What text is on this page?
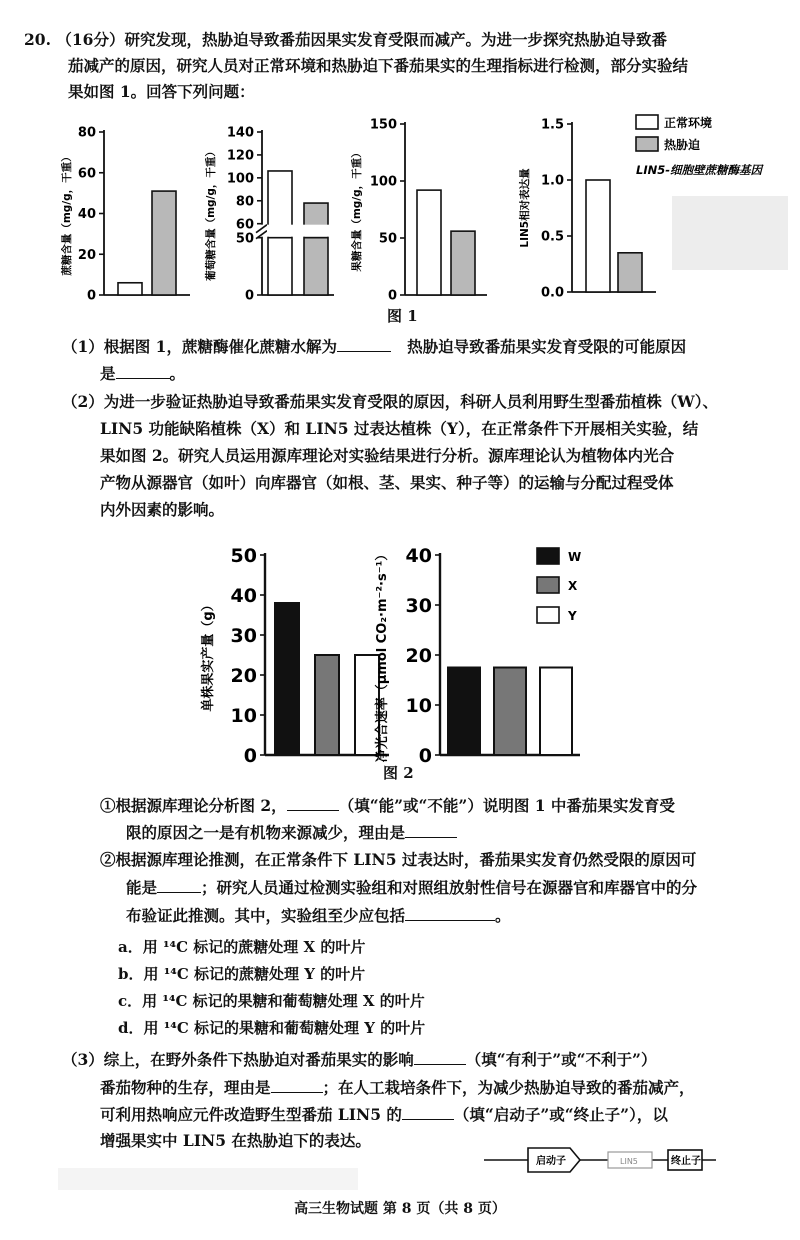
20. （16分）研究发现，热胁迫导致番茄因果实发育受限而减产。为进一步探究热胁迫导致番

茄减产的原因，研究人员对正常环境和热胁迫下番茄果实的生理指标进行检测，部分实验结

果如图 1。回答下列问题：

0
20
40
60
80
蔗糖含量（mg/g，干重）
0
50
60
80
100
120
140
葡萄糖含量（mg/g，干重）
0
50
100
150
果糖含量（mg/g，干重）
0.0
0.5
1.0
1.5
LIN5相对表达量
正常环境
热胁迫
LIN5-细胞壁蔗糖酶基因
图 1

（1）根据图 1，蔗糖酶催化蔗糖水解为	热胁迫导致番茄果实发育受限的可能原因

是	。

（2）为进一步验证热胁迫导致番茄果实发育受限的原因，科研人员利用野生型番茄植株（W）、

LIN5 功能缺陷植株（X）和 LIN5 过表达植株（Y），在正常条件下开展相关实验，结

果如图 2。研究人员运用源库理论对实验结果进行分析。源库理论认为植物体内光合

产物从源器官（如叶）向库器官（如根、茎、果实、种子等）的运输与分配过程受体

内外因素的影响。

0
10
20
30
40
50
单株果实产量（g）
0
10
20
30
40
净光合速率（μmol CO₂·m⁻²·s⁻¹）	W
X
Y
图 2

①根据源库理论分析图 2，	（填“能”或“不能”）说明图 1 中番茄果实发育受

限的原因之一是有机物来源减少，理由是

②根据源库理论推测，在正常条件下 LIN5 过表达时，番茄果实发育仍然受限的原因可

能是	；研究人员通过检测实验组和对照组放射性信号在源器官和库器官中的分

布验证此推测。其中，实验组至少应包括	。

a．用 ¹⁴C 标记的蔗糖处理 X 的叶片
b．用 ¹⁴C 标记的蔗糖处理 Y 的叶片
c．用 ¹⁴C 标记的果糖和葡萄糖处理 X 的叶片
d．用 ¹⁴C 标记的果糖和葡萄糖处理 Y 的叶片

（3）综上，在野外条件下热胁迫对番茄果实的影响	（填“有利于”或“不利于”）

番茄物种的生存，理由是	；在人工栽培条件下，为减少热胁迫导致的番茄减产，

可利用热响应元件改造野生型番茄 LIN5 的	（填“启动子”或“终止子”），以

增强果实中 LIN5 在热胁迫下的表达。

启动子	LIN5	终止子
高三生物试题 第 8 页（共 8 页）
